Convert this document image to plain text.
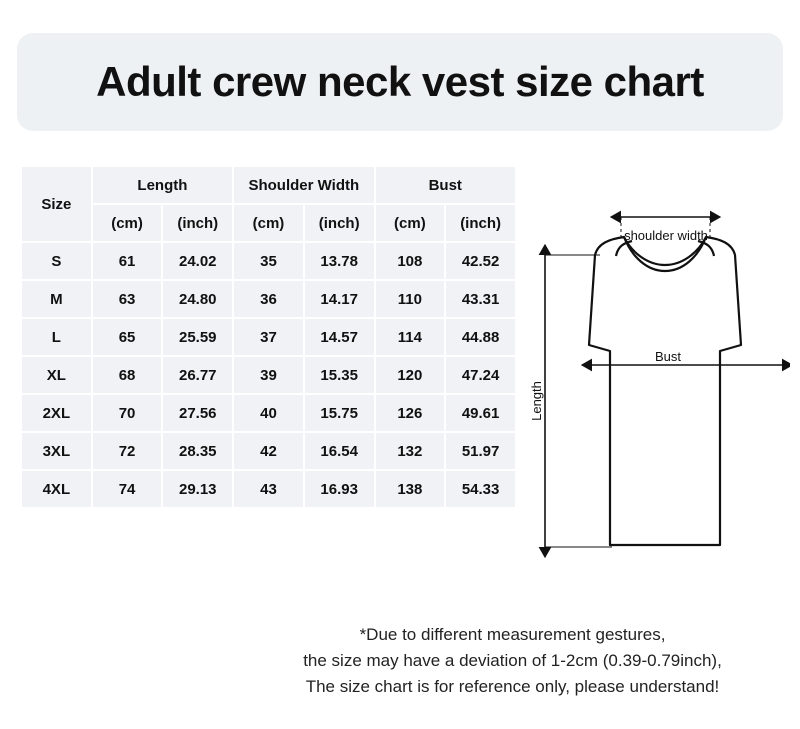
Adult crew neck vest size chart
Size	Length		Shoulder Width		Bust	
	(cm)	(inch)	(cm)	(inch)	(cm)	(inch)
S	61	24.02	35	13.78	108	42.52
M	63	24.80	36	14.17	110	43.31
L	65	25.59	37	14.57	114	44.88
XL	68	26.77	39	15.35	120	47.24
2XL	70	27.56	40	15.75	126	49.61
3XL	72	28.35	42	16.54	132	51.97
4XL	74	29.13	43	16.93	138	54.33
shoulder width
Bust
Length
*Due to different measurement gestures,
the size may have a deviation of 1-2cm (0.39-0.79inch),
The size chart is for reference only, please understand!
